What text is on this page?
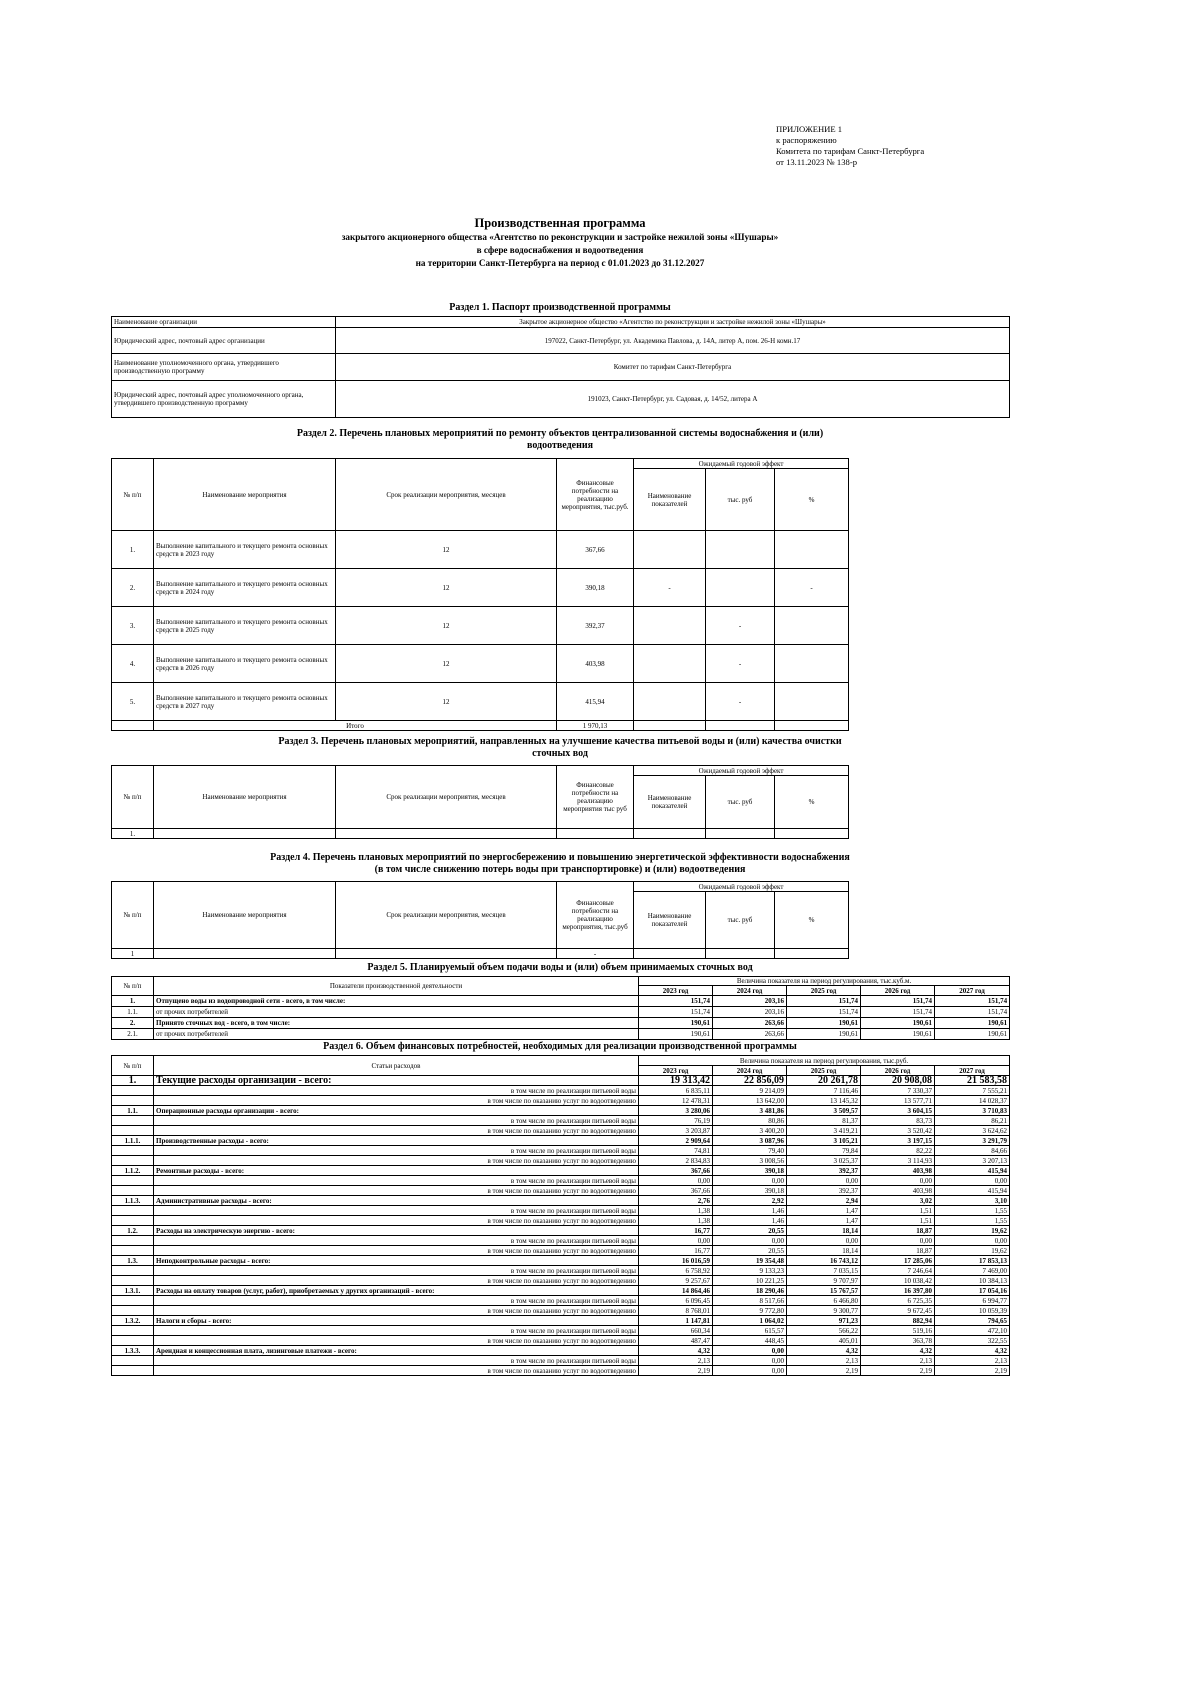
ПРИЛОЖЕНИЕ 1
к распоряжению
Комитета по тарифам Санкт-Петербурга
от 13.11.2023 № 138-р
Производственная программа
закрытого акционерного общества «Агентство по реконструкции и застройке нежилой зоны «Шушары»
в сфере водоснабжения и водоотведения
на территории Санкт-Петербурга на период с 01.01.2023 до 31.12.2027
Раздел 1. Паспорт производственной программы
Наименование организации	Закрытое акционерное общество «Агентство по реконструкции и застройке нежилой зоны «Шушары»
Юридический адрес, почтовый адрес организации	197022, Санкт-Петербург, ул. Академика Павлова, д. 14А, литер А, пом. 26-Н комн.17
Наименование уполномоченного органа, утвердившего производственную программу	Комитет по тарифам Санкт-Петербурга
Юридический адрес, почтовый адрес уполномоченного органа, утвердившего производственную программу	191023, Санкт-Петербург, ул. Садовая, д. 14/52, литера А
Раздел 2. Перечень плановых мероприятий по ремонту объектов централизованной системы водоснабжения и (или)
водоотведения
№ п/п	Наименование мероприятия	Срок реализации мероприятия, месяцев	Финансовые потребности на реализацию мероприятия, тыс.руб.	Ожидаемый годовой эффект		
				Наименование показателей	тыс. руб	%
1.	Выполнение капитального и текущего ремонта основных средств в 2023 году	12	367,66			
2.	Выполнение капитального и текущего ремонта основных средств в 2024 году	12	390,18	-		-
3.	Выполнение капитального и текущего ремонта основных средств в 2025 году	12	392,37		-	
4.	Выполнение капитального и текущего ремонта основных средств в 2026 году	12	403,98		-	
5.	Выполнение капитального и текущего ремонта основных средств в 2027 году	12	415,94		-	
	Итого		1 970,13			
Раздел 3. Перечень плановых мероприятий, направленных на улучшение качества питьевой воды и (или) качества очистки
сточных вод
№ п/п	Наименование мероприятия	Срок реализации мероприятия, месяцев	Финансовые потребности на реализацию мероприятия тыс руб	Ожидаемый годовой эффект		
				Наименование показателей	тыс. руб	%
1.						
Раздел 4. Перечень плановых мероприятий по энергосбережению и повышению энергетической эффективности водоснабжения
(в том числе снижению потерь воды при транспортировке) и (или) водоотведения
№ п/п	Наименование мероприятия	Срок реализации мероприятия, месяцев	Финансовые потребности на реализацию мероприятия, тыс.руб	Ожидаемый годовой эффект		
				Наименование показателей	тыс. руб	%
1			-			
Раздел 5. Планируемый объем подачи воды и (или) объем принимаемых сточных вод
№ п/п	Показатели производственной деятельности	Величина показателя на период регулирования, тыс.куб.м.				
		2023 год	2024 год	2025 год	2026 год	2027 год
1.	Отпущено воды из водопроводной сети - всего, в том числе:	151,74	203,16	151,74	151,74	151,74
1.1.	от прочих потребителей	151,74	203,16	151,74	151,74	151,74
2.	Принято сточных вод - всего, в том числе:	190,61	263,66	190,61	190,61	190,61
2.1.	от прочих потребителей	190,61	263,66	190,61	190,61	190,61
Раздел 6. Объем финансовых потребностей, необходимых для реализации производственной программы
№ п/п	Статьи расходов	Величина показателя на период регулирования, тыс.руб.				
		2023 год	2024 год	2025 год	2026 год	2027 год
1.	Текущие расходы организации - всего:	19 313,42	22 856,09	20 261,78	20 908,08	21 583,58
	в том числе по реализации питьевой воды	6 835,11	9 214,09	7 116,46	7 330,37	7 555,21
	в том числе по оказанию услуг по водоотведению	12 478,31	13 642,00	13 145,32	13 577,71	14 028,37
1.1.	Операционные расходы организации - всего:	3 280,06	3 481,86	3 509,57	3 604,15	3 710,83
	в том числе по реализации питьевой воды	76,19	80,86	81,37	83,73	86,21
	в том числе по оказанию услуг по водоотведению	3 203,87	3 400,20	3 419,21	3 520,42	3 624,62
1.1.1.	Производственные расходы - всего:	2 909,64	3 087,96	3 105,21	3 197,15	3 291,79
	в том числе по реализации питьевой воды	74,81	79,40	79,84	82,22	84,66
	в том числе по оказанию услуг по водоотведению	2 834,83	3 008,56	3 025,37	3 114,93	3 207,13
1.1.2.	Ремонтные расходы - всего:	367,66	390,18	392,37	403,98	415,94
	в том числе по реализации питьевой воды	0,00	0,00	0,00	0,00	0,00
	в том числе по оказанию услуг по водоотведению	367,66	390,18	392,37	403,98	415,94
1.1.3.	Административные расходы - всего:	2,76	2,92	2,94	3,02	3,10
	в том числе по реализации питьевой воды	1,38	1,46	1,47	1,51	1,55
	в том числе по оказанию услуг по водоотведению	1,38	1,46	1,47	1,51	1,55
1.2.	Расходы на электрическую энергию - всего:	16,77	20,55	18,14	18,87	19,62
	в том числе по реализации питьевой воды	0,00	0,00	0,00	0,00	0,00
	в том числе по оказанию услуг по водоотведению	16,77	20,55	18,14	18,87	19,62
1.3.	Неподконтрольные расходы - всего:	16 016,59	19 354,48	16 743,12	17 285,06	17 853,13
	в том числе по реализации питьевой воды	6 758,92	9 133,23	7 035,15	7 246,64	7 469,00
	в том числе по оказанию услуг по водоотведению	9 257,67	10 221,25	9 707,97	10 038,42	10 384,13
1.3.1.	Расходы на оплату товаров (услуг, работ), приобретаемых у других организаций - всего:	14 864,46	18 290,46	15 767,57	16 397,80	17 054,16
	в том числе по реализации питьевой воды	6 096,45	8 517,66	6 466,80	6 725,35	6 994,77
	в том числе по оказанию услуг по водоотведению	8 768,01	9 772,80	9 300,77	9 672,45	10 059,39
1.3.2.	Налоги и сборы - всего:	1 147,81	1 064,02	971,23	882,94	794,65
	в том числе по реализации питьевой воды	660,34	615,57	566,22	519,16	472,10
	в том числе по оказанию услуг по водоотведению	487,47	448,45	405,01	363,78	322,55
1.3.3.	Арендная и концессионная плата, лизинговые платежи - всего:	4,32	0,00	4,32	4,32	4,32
	в том числе по реализации питьевой воды	2,13	0,00	2,13	2,13	2,13
	в том числе по оказанию услуг по водоотведению	2,19	0,00	2,19	2,19	2,19
